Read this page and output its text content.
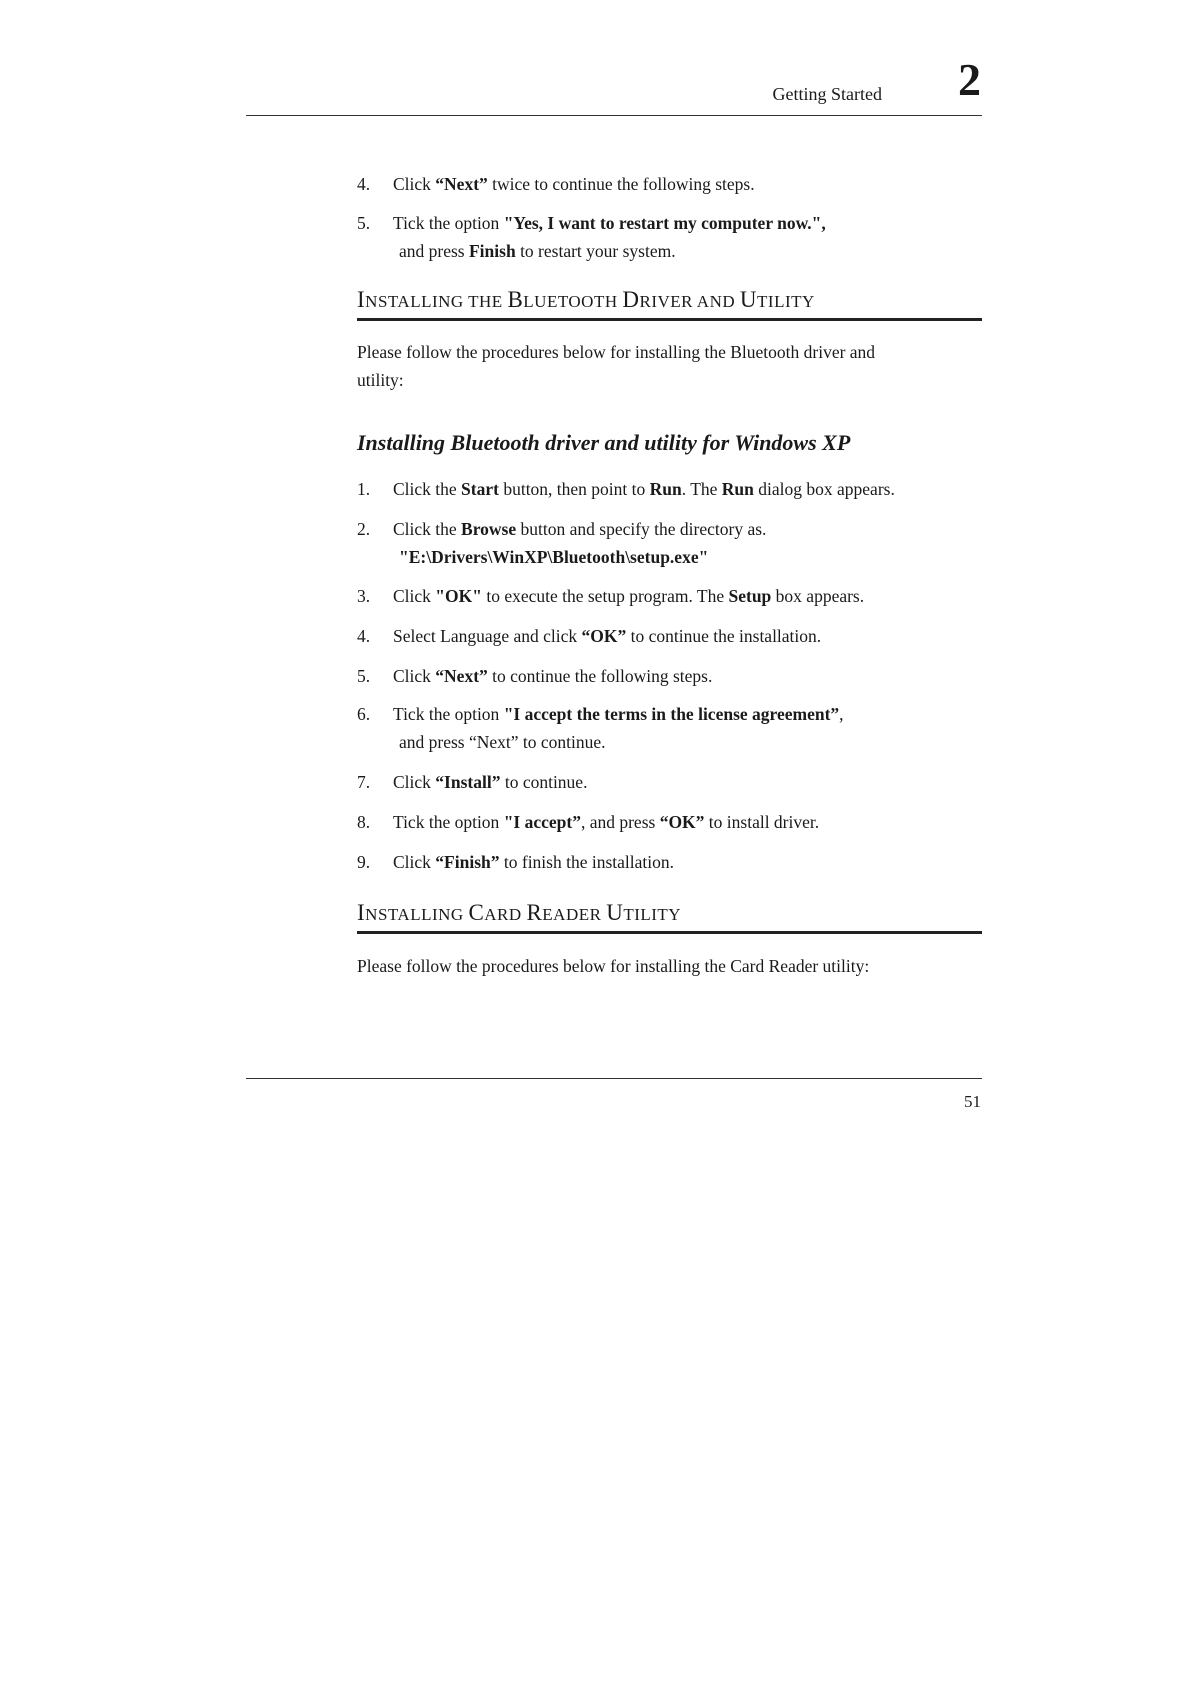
Getting Started 2
4. Click “Next” twice to continue the following steps.
5. Tick the option "Yes, I want to restart my computer now.",
and press Finish to restart your system.
INSTALLING THE BLUETOOTH DRIVER AND UTILITY
Please follow the procedures below for installing the Bluetooth driver and
utility:
Installing Bluetooth driver and utility for Windows XP
1. Click the Start button, then point to Run. The Run dialog box appears.
2. Click the Browse button and specify the directory as.
"E:\Drivers\WinXP\Bluetooth\setup.exe"
3. Click "OK" to execute the setup program. The Setup box appears.
4. Select Language and click “OK” to continue the installation.
5. Click “Next” to continue the following steps.
6. Tick the option "I accept the terms in the license agreement”,
and press “Next” to continue.
7. Click “Install” to continue.
8. Tick the option "I accept”, and press “OK” to install driver.
9. Click “Finish” to finish the installation.
INSTALLING CARD READER UTILITY
Please follow the procedures below for installing the Card Reader utility:
51
